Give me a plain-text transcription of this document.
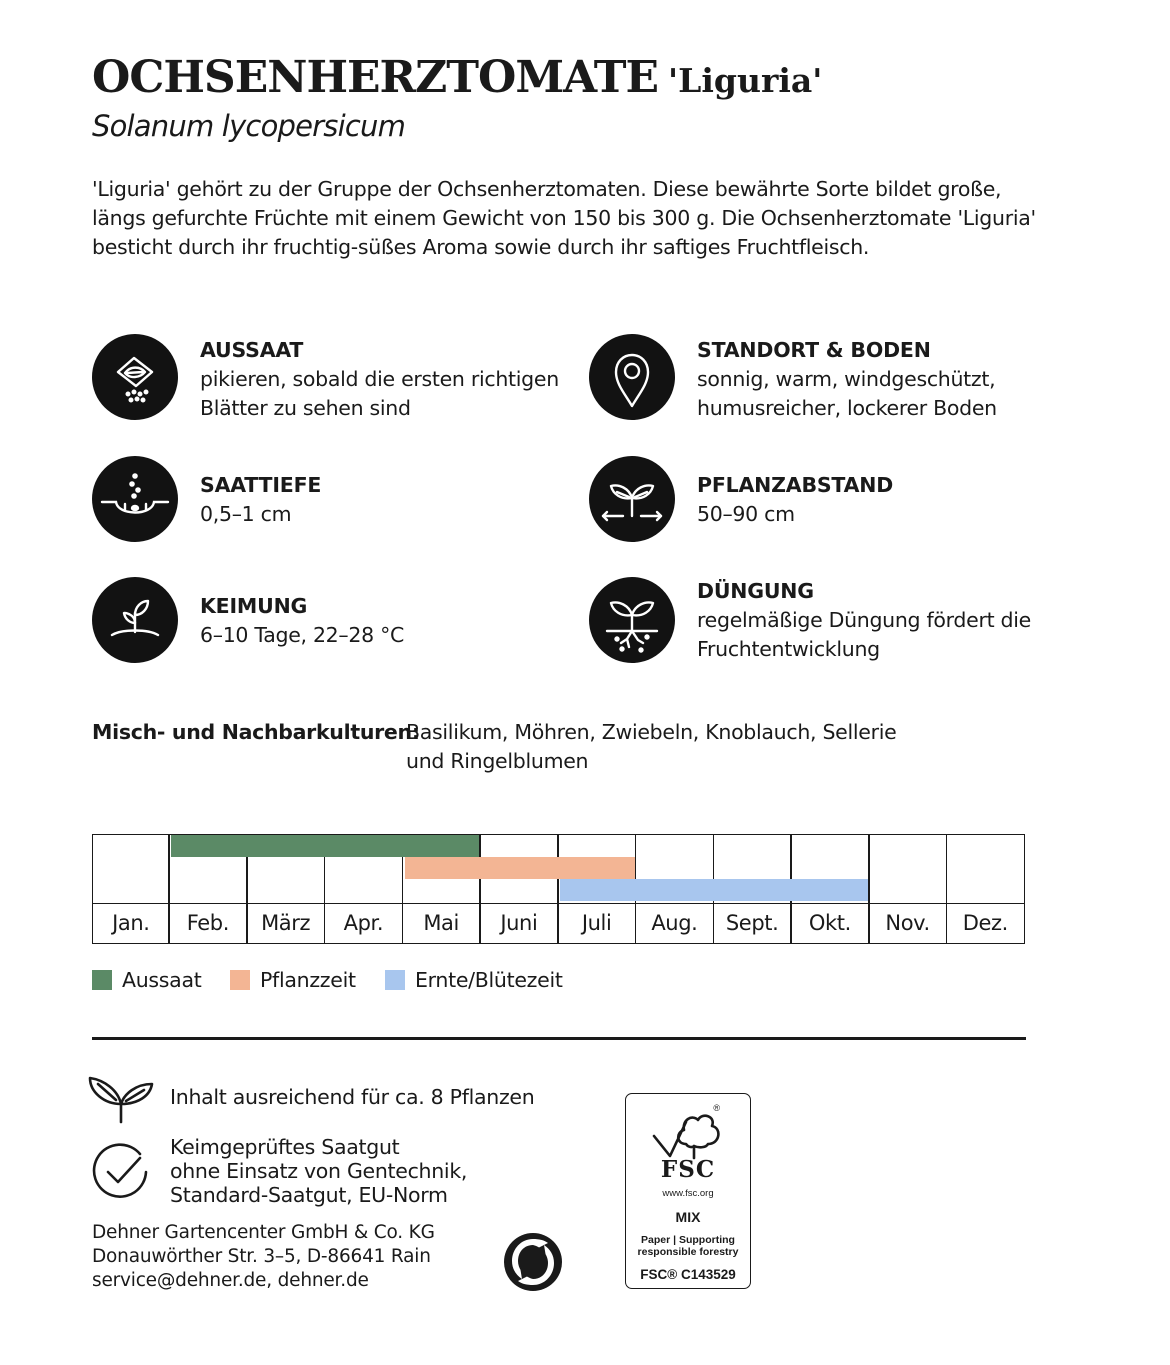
OCHSENHERZTOMATE 'Liguria'
Solanum lycopersicum
'Liguria' gehört zu der Gruppe der Ochsenherztomaten. Diese bewährte Sorte bildet große, längs gefurchte Früchte mit einem Gewicht von 150 bis 300 g. Die Ochsenherztomate 'Liguria' besticht durch ihr fruchtig-süßes Aroma sowie durch ihr saftiges Fruchtfleisch.
AUSSAAT
pikieren, sobald die ersten richtigen Blätter zu sehen sind
STANDORT & BODEN
sonnig, warm, windgeschützt, humusreicher, lockerer Boden
SAATTIEFE
0,5–1 cm
PFLANZABSTAND
50–90 cm
KEIMUNG
6–10 Tage, 22–28 °C
DÜNGUNG
regelmäßige Düngung fördert die Fruchtentwicklung
Misch- und Nachbarkulturen:
Basilikum, Möhren, Zwiebeln, Knoblauch, Sellerie und Ringelblumen
Jan.	Feb.	März	Apr.	Mai	Juni	Juli	Aug.	Sept.	Okt.	Nov.	Dez.
Aussaat	Pflanzzeit	Ernte/Blütezeit
Inhalt ausreichend für ca. 8 Pflanzen
Keimgeprüftes Saatgut
ohne Einsatz von Gentechnik,
Standard-Saatgut, EU-Norm
Dehner Gartencenter GmbH & Co. KG
Donauwörther Str. 3–5, D-86641 Rain
service@dehner.de, dehner.de
®
FSC
www.fsc.org
MIX
Paper | Supporting
responsible forestry
FSC® C143529
